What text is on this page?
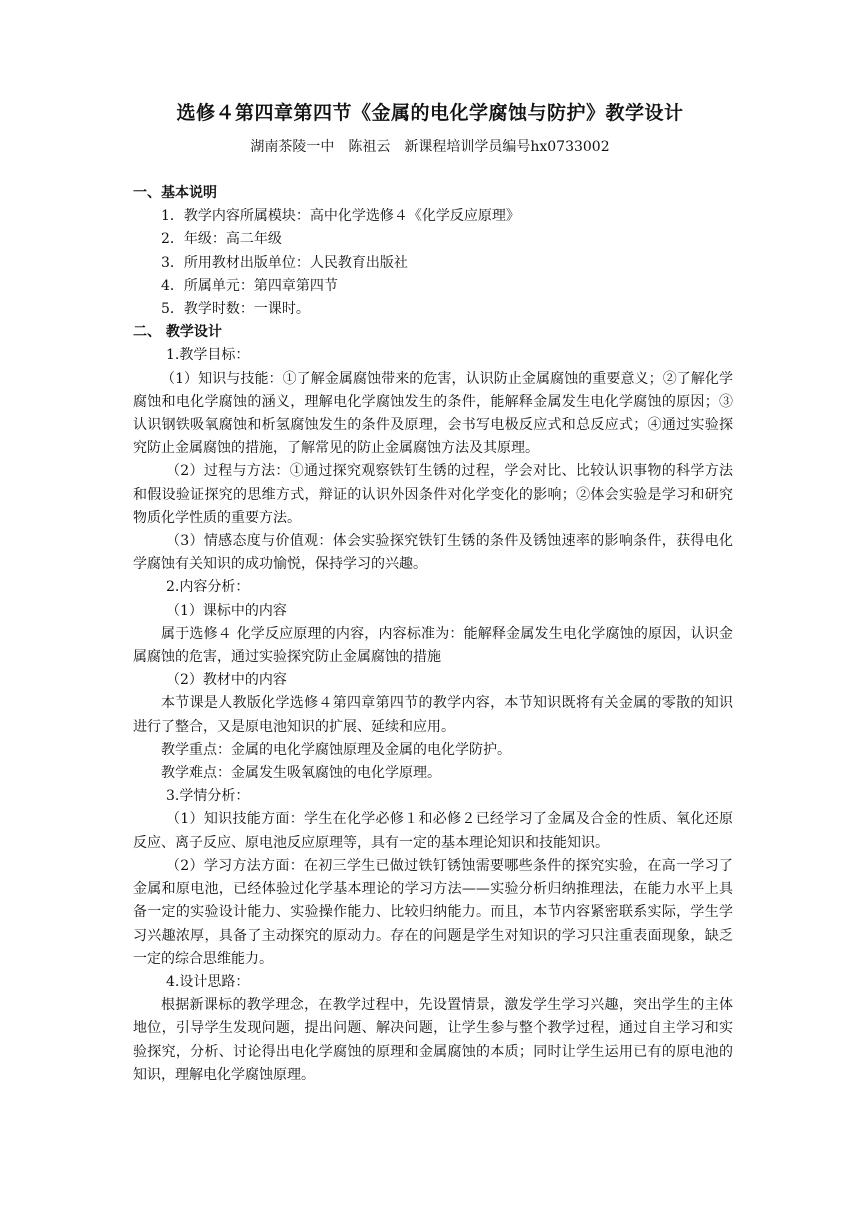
选修４第四章第四节《金属的电化学腐蚀与防护》教学设计
湖南茶陵一中　陈祖云　新课程培训学员编号hx0733002

一、基本说明

1．教学内容所属模块：高中化学选修４《化学反应原理》

2．年级：高二年级

3．所用教材出版单位：人民教育出版社

4．所属单元：第四章第四节

5．教学时数：一课时。

二、 教学设计

1.教学目标：

（1）知识与技能：①了解金属腐蚀带来的危害，认识防止金属腐蚀的重要意义；②了解化学腐蚀和电化学腐蚀的涵义，理解电化学腐蚀发生的条件，能解释金属发生电化学腐蚀的原因；③认识钢铁吸氧腐蚀和析氢腐蚀发生的条件及原理，会书写电极反应式和总反应式；④通过实验探究防止金属腐蚀的措施，了解常见的防止金属腐蚀方法及其原理。

（2）过程与方法：①通过探究观察铁钉生锈的过程，学会对比、比较认识事物的科学方法和假设验证探究的思维方式，辩证的认识外因条件对化学变化的影响；②体会实验是学习和研究物质化学性质的重要方法。

（3）情感态度与价值观：体会实验探究铁钉生锈的条件及锈蚀速率的影响条件，获得电化学腐蚀有关知识的成功愉悦，保持学习的兴趣。

2.内容分析：

（1）课标中的内容

属于选修４ 化学反应原理的内容，内容标准为：能解释金属发生电化学腐蚀的原因，认识金属腐蚀的危害，通过实验探究防止金属腐蚀的措施

（2）教材中的内容

本节课是人教版化学选修４第四章第四节的教学内容，本节知识既将有关金属的零散的知识进行了整合，又是原电池知识的扩展、延续和应用。

教学重点：金属的电化学腐蚀原理及金属的电化学防护。

教学难点：金属发生吸氧腐蚀的电化学原理。

3.学情分析：

（1）知识技能方面：学生在化学必修１和必修２已经学习了金属及合金的性质、氧化还原反应、离子反应、原电池反应原理等，具有一定的基本理论知识和技能知识。

（2）学习方法方面：在初三学生已做过铁钉锈蚀需要哪些条件的探究实验，在高一学习了金属和原电池，已经体验过化学基本理论的学习方法——实验分析归纳推理法，在能力水平上具备一定的实验设计能力、实验操作能力、比较归纳能力。而且，本节内容紧密联系实际，学生学习兴趣浓厚，具备了主动探究的原动力。存在的问题是学生对知识的学习只注重表面现象，缺乏一定的综合思维能力。

4.设计思路：

根据新课标的教学理念，在教学过程中，先设置情景，激发学生学习兴趣，突出学生的主体地位，引导学生发现问题，提出问题、解决问题，让学生参与整个教学过程，通过自主学习和实验探究，分析、讨论得出电化学腐蚀的原理和金属腐蚀的本质；同时让学生运用已有的原电池的知识，理解电化学腐蚀原理。
